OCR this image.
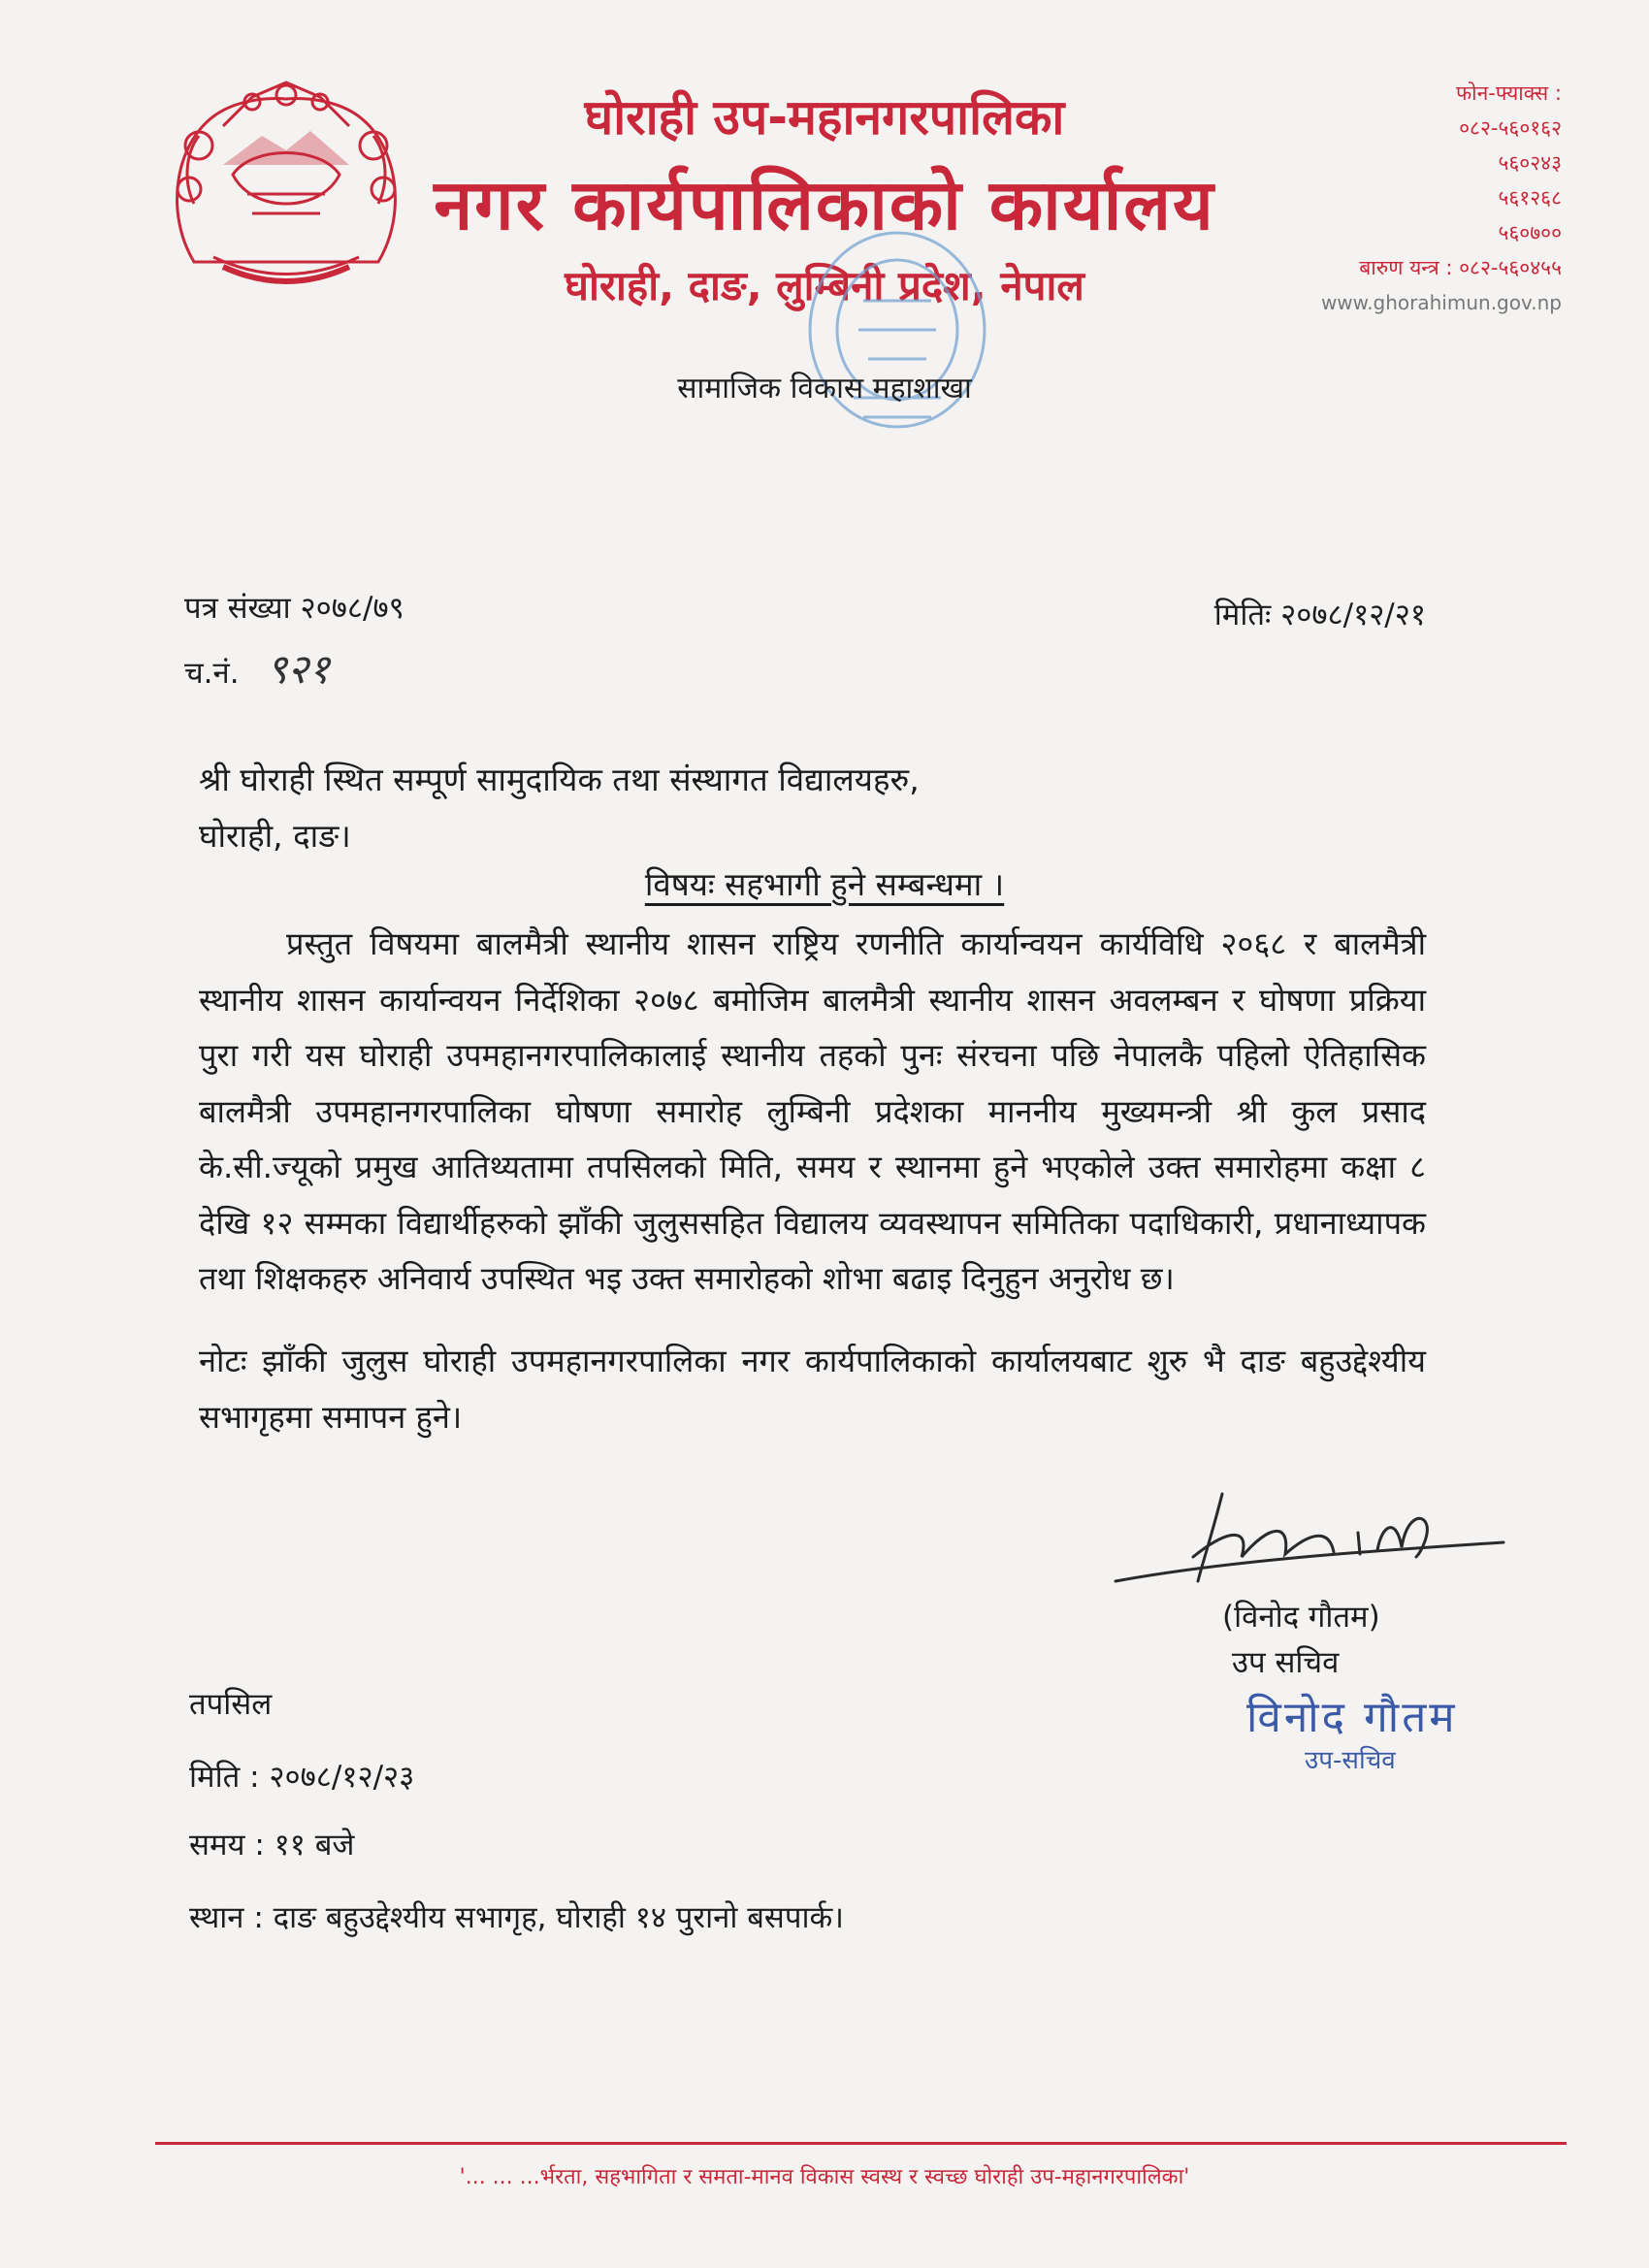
घोराही उप-महानगरपालिका
नगर कार्यपालिकाको कार्यालय
घोराही, दाङ, लुम्बिनी प्रदेश, नेपाल
फोन-फ्याक्स :
०८२-५६०१६२
५६०२४३
५६१२६८
५६०७००
बारुण यन्त्र : ०८२-५६०४५५
www.ghorahimun.gov.np
सामाजिक विकास महाशाखा
पत्र संख्या २०७८/७९
च.नं. ९२१
मितिः २०७८/१२/२१
श्री घोराही स्थित सम्पूर्ण सामुदायिक तथा संस्थागत विद्यालयहरु,
घोराही, दाङ।
विषयः सहभागी हुने सम्बन्धमा ।
प्रस्तुत विषयमा बालमैत्री स्थानीय शासन राष्ट्रिय रणनीति कार्यान्वयन कार्यविधि २०६८ र बालमैत्री स्थानीय शासन कार्यान्वयन निर्देशिका २०७८ बमोजिम बालमैत्री स्थानीय शासन अवलम्बन र घोषणा प्रक्रिया पुरा गरी यस घोराही उपमहानगरपालिकालाई स्थानीय तहको पुनः संरचना पछि नेपालकै पहिलो ऐतिहासिक बालमैत्री उपमहानगरपालिका घोषणा समारोह लुम्बिनी प्रदेशका माननीय मुख्यमन्त्री श्री कुल प्रसाद के.सी.ज्यूको प्रमुख आतिथ्यतामा तपसिलको मिति, समय र स्थानमा हुने भएकोले उक्त समारोहमा कक्षा ८ देखि १२ सम्मका विद्यार्थीहरुको झाँकी जुलुससहित विद्यालय व्यवस्थापन समितिका पदाधिकारी, प्रधानाध्यापक तथा शिक्षकहरु अनिवार्य उपस्थित भइ उक्त समारोहको शोभा बढाइ दिनुहुन अनुरोध छ।
नोटः झाँकी जुलुस घोराही उपमहानगरपालिका नगर कार्यपालिकाको कार्यालयबाट शुरु भै दाङ बहुउद्देश्यीय सभागृहमा समापन हुने।
(विनोद गौतम)
उप सचिव
विनोद गौतम
उप-सचिव
तपसिल
मिति : २०७८/१२/२३
समय : ११ बजे
स्थान : दाङ बहुउद्देश्यीय सभागृह, घोराही १४ पुरानो बसपार्क।
'... ... ...र्भरता, सहभागिता र समता-मानव विकास स्वस्थ र स्वच्छ घोराही उप-महानगरपालिका'
